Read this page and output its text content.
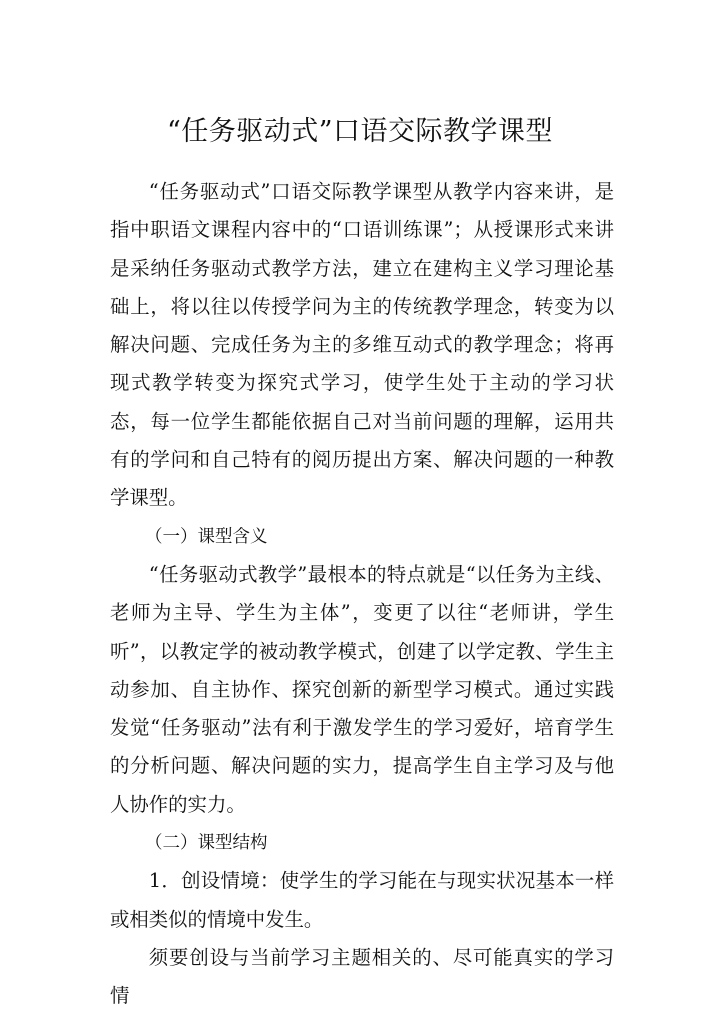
“任务驱动式”口语交际教学课型

“任务驱动式”口语交际教学课型从教学内容来讲，是指中职语文课程内容中的“口语训练课”；从授课形式来讲是采纳任务驱动式教学方法，建立在建构主义学习理论基础上，将以往以传授学问为主的传统教学理念，转变为以解决问题、完成任务为主的多维互动式的教学理念；将再现式教学转变为探究式学习，使学生处于主动的学习状态，每一位学生都能依据自己对当前问题的理解，运用共有的学问和自己特有的阅历提出方案、解决问题的一种教学课型。

（一）课型含义

“任务驱动式教学”最根本的特点就是“以任务为主线、老师为主导、学生为主体”，变更了以往“老师讲，学生听”，以教定学的被动教学模式，创建了以学定教、学生主动参加、自主协作、探究创新的新型学习模式。通过实践发觉“任务驱动”法有利于激发学生的学习爱好，培育学生的分析问题、解决问题的实力，提高学生自主学习及与他人协作的实力。

（二）课型结构

1．创设情境：使学生的学习能在与现实状况基本一样或相类似的情境中发生。

须要创设与当前学习主题相关的、尽可能真实的学习情
